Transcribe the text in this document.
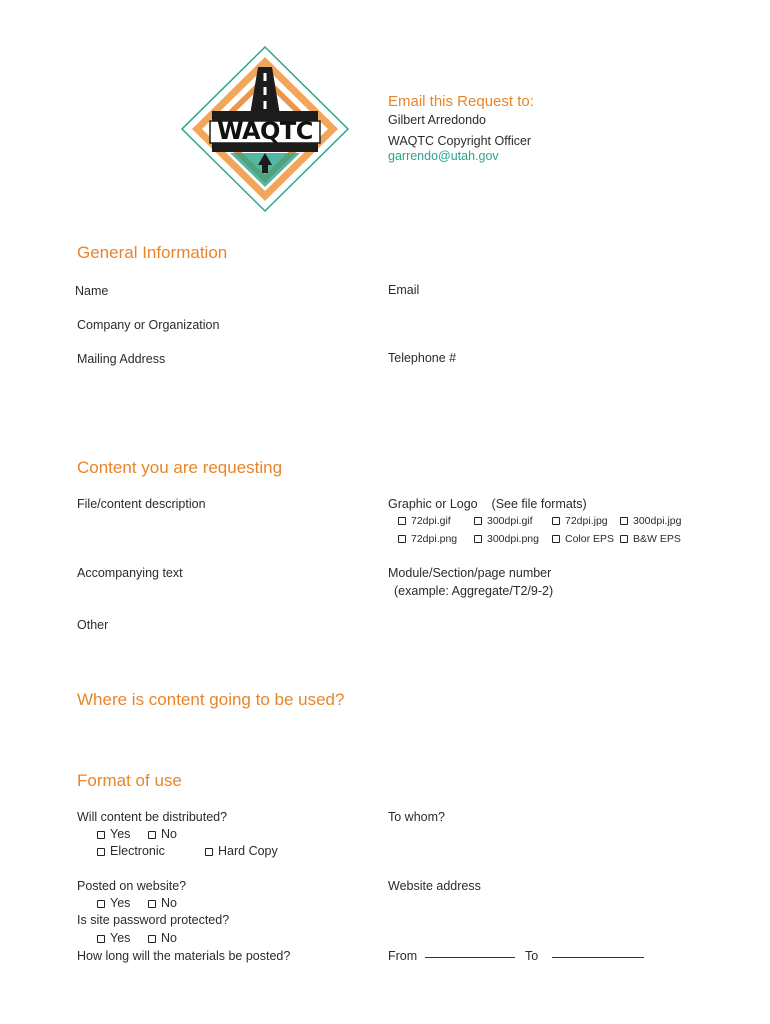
WAQTC
Email this Request to:
Gilbert Arredondo
WAQTC Copyright Officer
garrendo@utah.gov
General Information
Name	Email
Company or Organization
Mailing Address	Telephone #
Content you are requesting
File/content description	Graphic or Logo    (See file formats)
72dpi.gif	300dpi.gif	72dpi.jpg	300dpi.jpg
72dpi.png	300dpi.png	Color EPS	B&W EPS
Accompanying text	Module/Section/page number
(example: Aggregate/T2/9-2)
Other
Where is content going to be used?
Format of use
Will content be distributed?	To whom?
Yes	No
Electronic	Hard Copy
Posted on website?	Website address
Yes	No
Is site password protected?
Yes	No
How long will the materials be posted?	From	To
